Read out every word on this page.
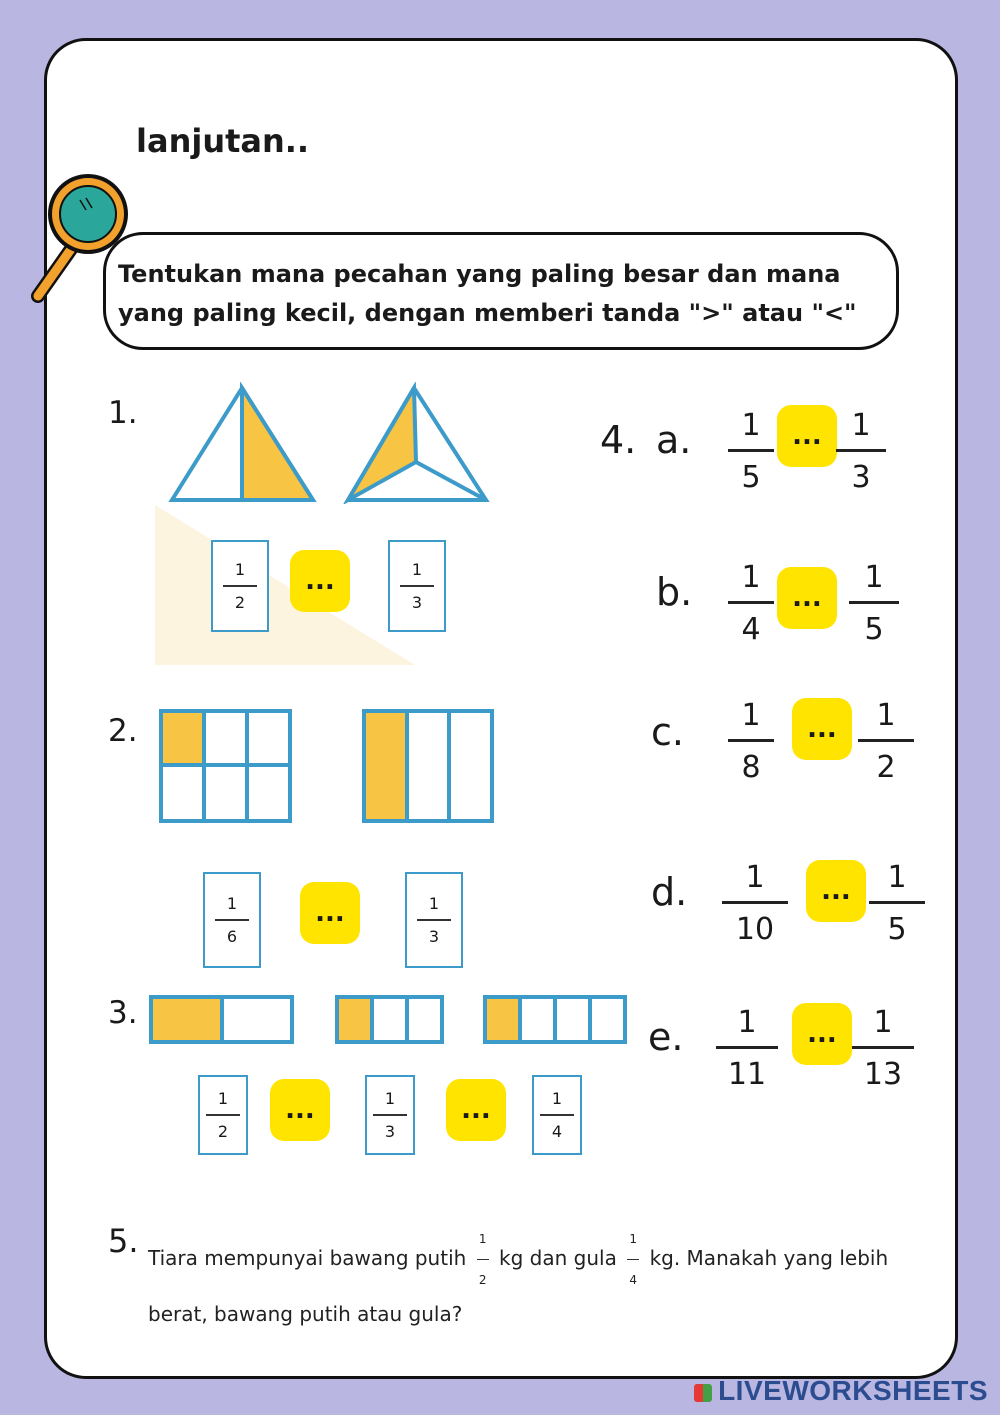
lanjutan..
Tentukan mana pecahan yang paling besar dan mana
yang paling kecil, dengan memberi tanda ">" atau "<"
1.
1
2
...	1
3
2.
1
6
...	1
3
3.
1
2
...	1
3
...	1
4
4. a. 1
5
... 1
3
b. 1
4
...
1
5
c. 1
8
...	1
2
d. 1
10
...	1
5
e. 1
11
...	1
13
5. Tiara mempunyai bawang putih $\frac{1}{2}$ kg dan gula $\frac{1}{4}$ kg. Manakah yang lebih
berat, bawang putih atau gula?
LIVEWORKSHEETS
